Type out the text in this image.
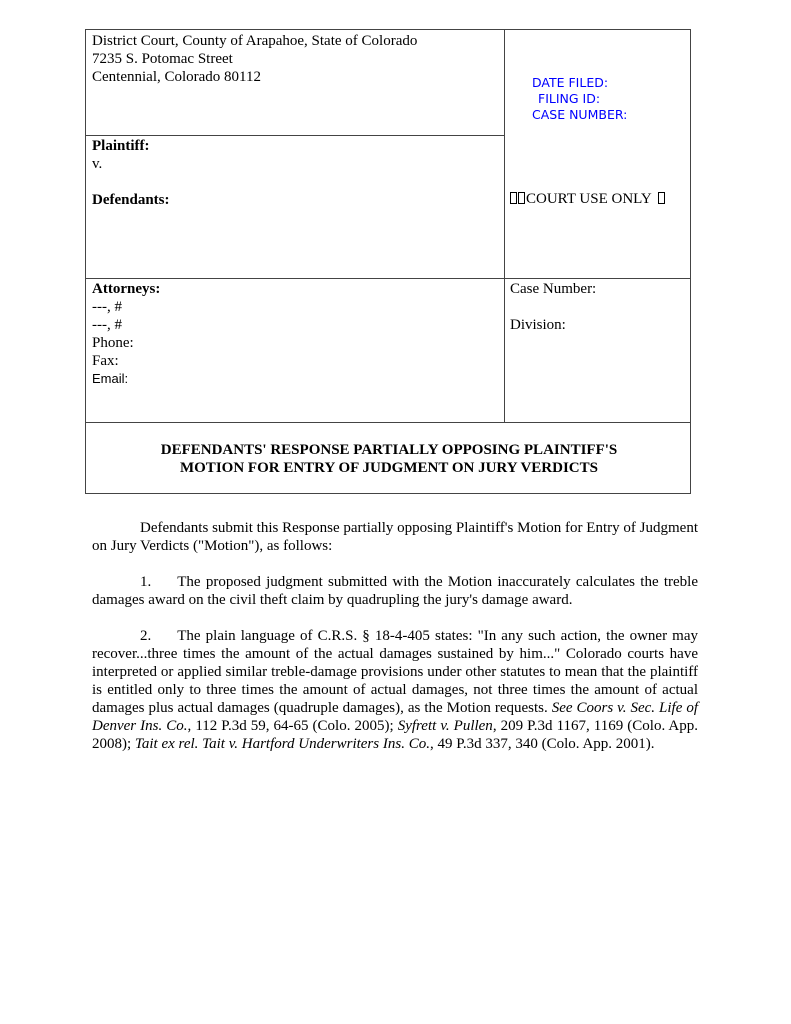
District Court, County of Arapahoe, State of Colorado
7235 S. Potomac Street
Centennial, Colorado 80112	DATE FILED:
FILING ID:
CASE NUMBER:
Plaintiff:
v.

Defendants:	COURT USE ONLY
Attorneys:
---, #
---, #
Phone:
Fax:
Email:
Case Number:

Division:
DEFENDANTS' RESPONSE PARTIALLY OPPOSING PLAINTIFF'S
MOTION FOR ENTRY OF JUDGMENT ON JURY VERDICTS

Defendants submit this Response partially opposing Plaintiff's Motion for Entry of Judgment on Jury Verdicts ("Motion"), as follows:

1. The proposed judgment submitted with the Motion inaccurately calculates the treble damages award on the civil theft claim by quadrupling the jury's damage award.

2. The plain language of C.R.S. § 18-4-405 states: "In any such action, the owner may recover...three times the amount of the actual damages sustained by him..." Colorado courts have interpreted or applied similar treble-damage provisions under other statutes to mean that the plaintiff is entitled only to three times the amount of actual damages, not three times the amount of actual damages plus actual damages (quadruple damages), as the Motion requests. See Coors v. Sec. Life of Denver Ins. Co., 112 P.3d 59, 64-65 (Colo. 2005); Syfrett v. Pullen, 209 P.3d 1167, 1169 (Colo. App. 2008); Tait ex rel. Tait v. Hartford Underwriters Ins. Co., 49 P.3d 337, 340 (Colo. App. 2001).
